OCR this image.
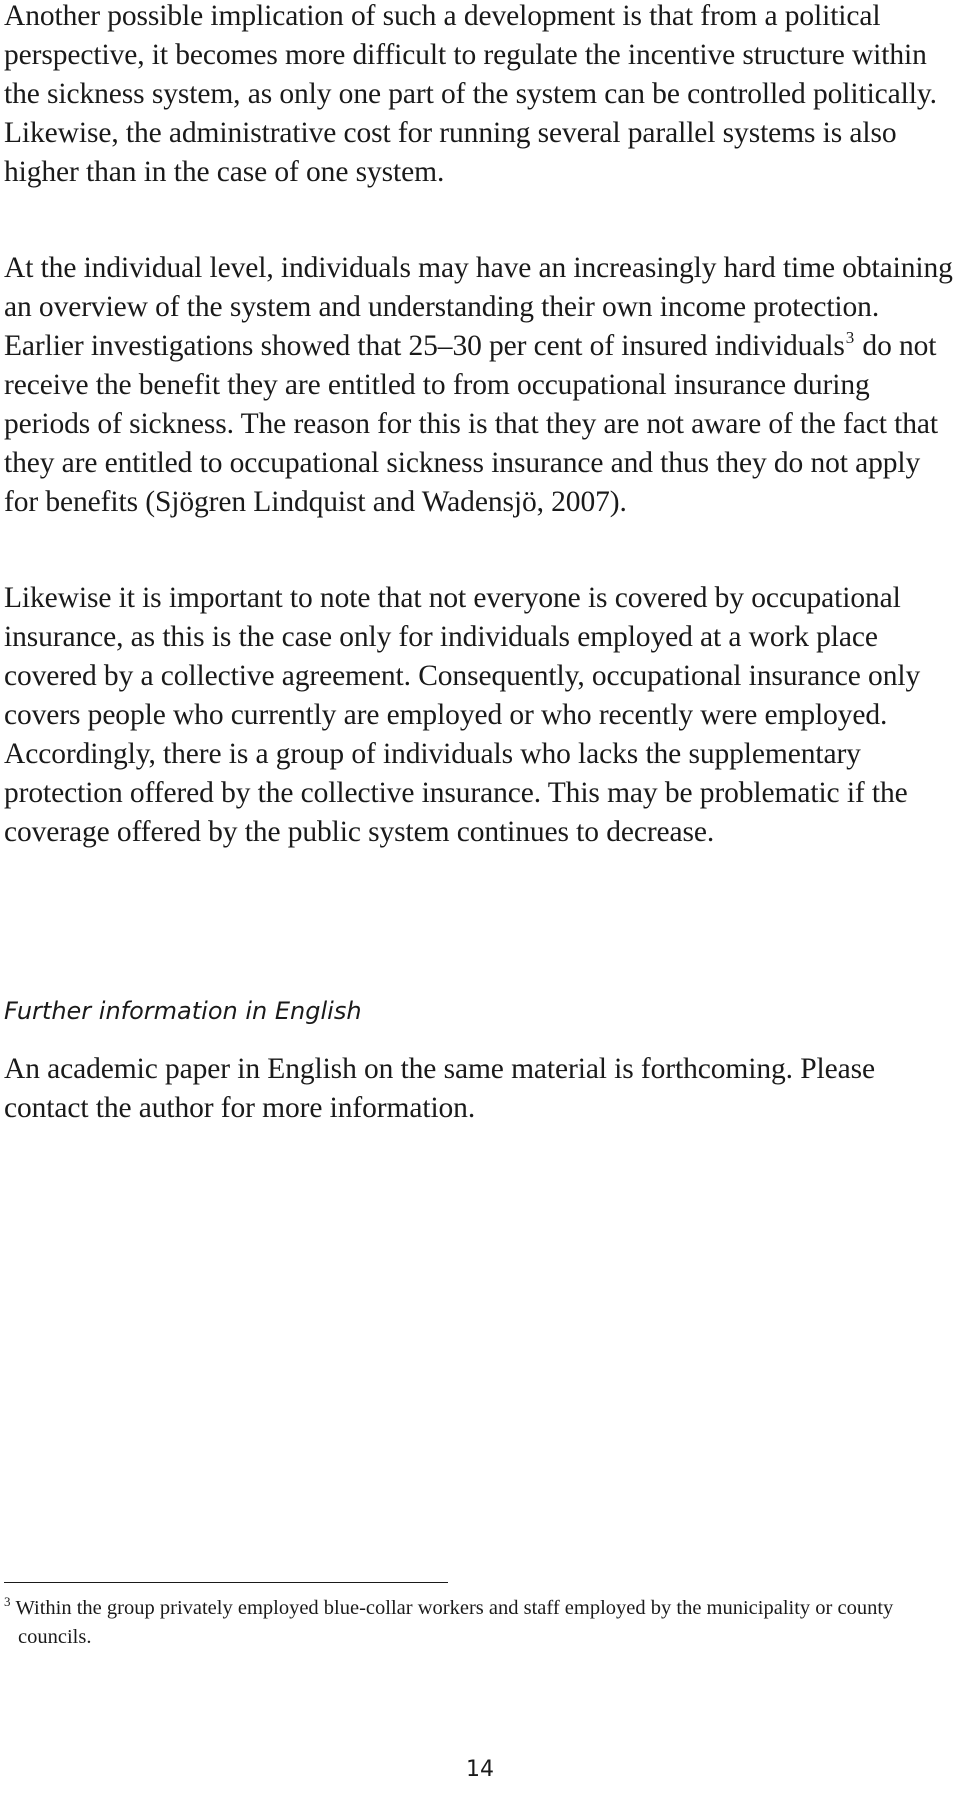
Another possible implication of such a development is that from a political perspective, it becomes more difficult to regulate the incentive structure within the sickness system, as only one part of the system can be controlled politically. Likewise, the administrative cost for running several parallel systems is also higher than in the case of one system.

At the individual level, individuals may have an increasingly hard time obtaining an overview of the system and understanding their own income protection. Earlier investigations showed that 25–30 per cent of insured individuals$^3$ do not receive the benefit they are entitled to from occupational insurance during periods of sickness. The reason for this is that they are not aware of the fact that they are entitled to occupational sickness insurance and thus they do not apply for benefits (Sjögren Lindquist and Wadensjö, 2007).

Likewise it is important to note that not everyone is covered by occupational insurance, as this is the case only for individuals employed at a work place covered by a collective agreement. Consequently, occupational insurance only covers people who currently are employed or who recently were employed. Accordingly, there is a group of individuals who lacks the supplementary protection offered by the collective insurance. This may be problematic if the coverage offered by the public system continues to decrease.

Further information in English

An academic paper in English on the same material is forthcoming. Please contact the author for more information.

$^3$ Within the group privately employed blue-collar workers and staff employed by the municipality or county councils.

14
